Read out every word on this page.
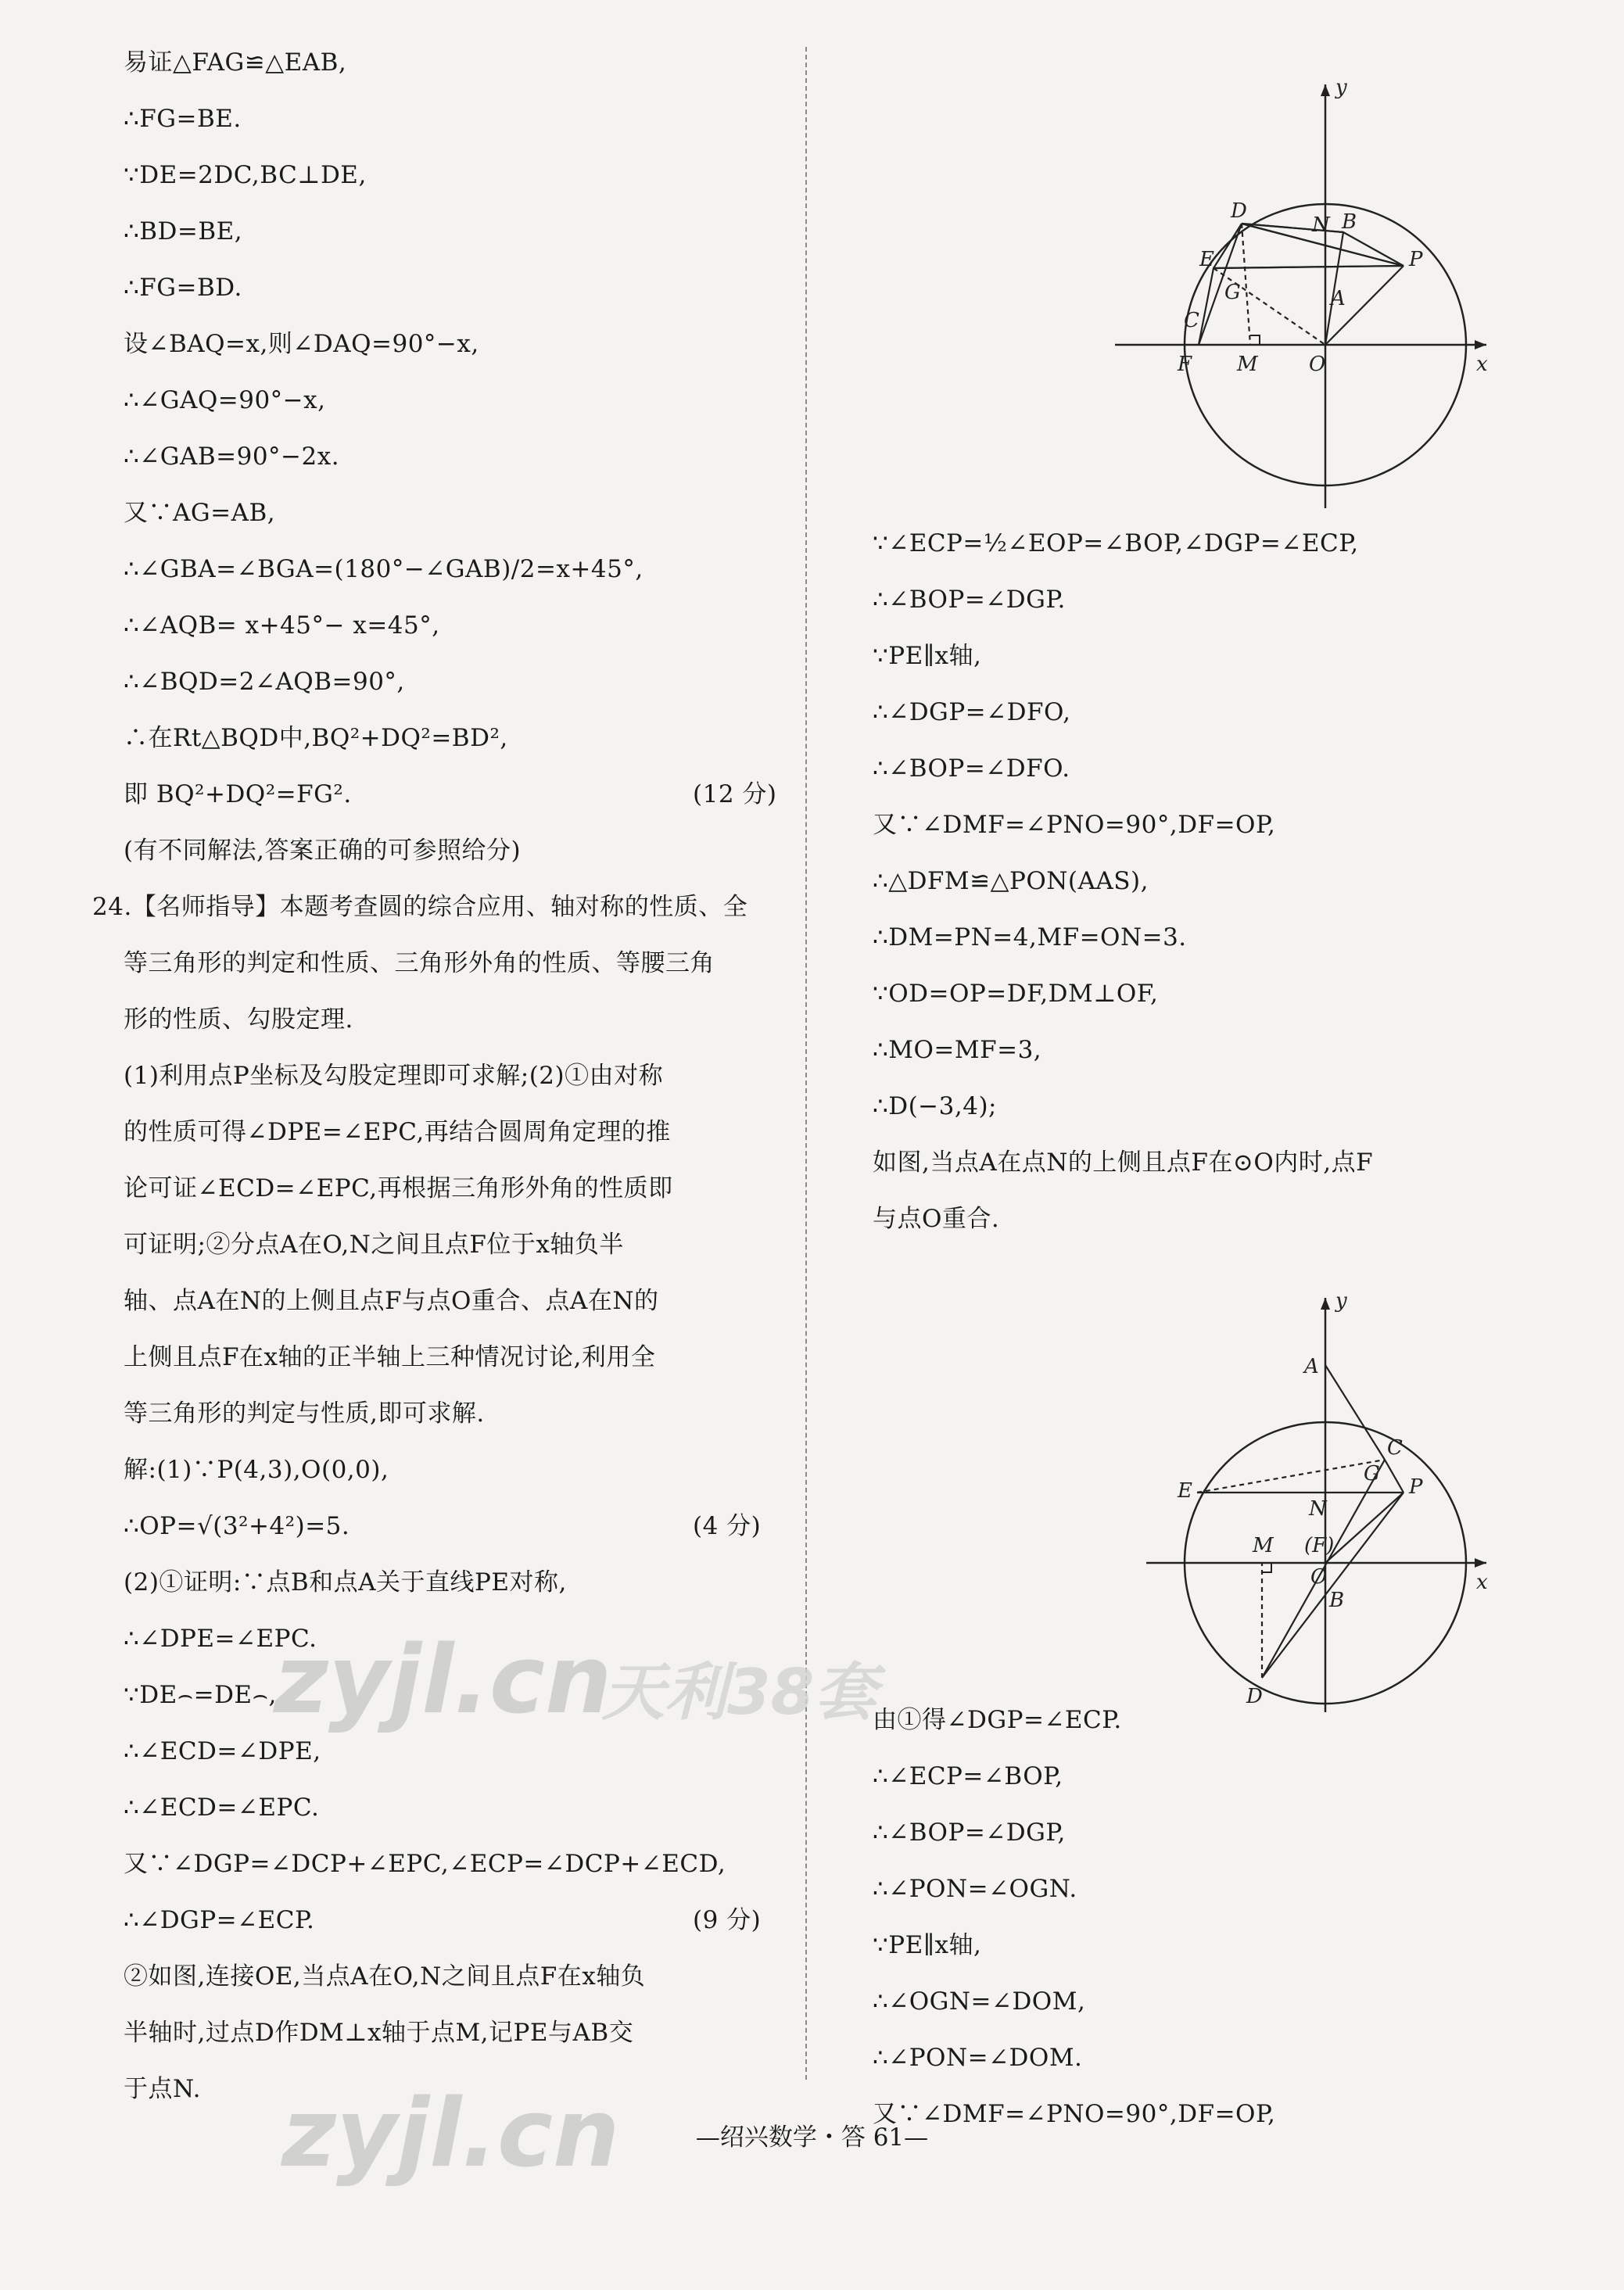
易证△FAG≌△EAB,
∴FG=BE.
∵DE=2DC,BC⊥DE,
∴BD=BE,
∴FG=BD.
设∠BAQ=x,则∠DAQ=90°−x,
∴∠GAQ=90°−x,
∴∠GAB=90°−2x.
又∵AG=AB,
∴∠GBA=∠BGA=(180°−∠GAB)/2=x+45°,
∴∠AQB= x+45°− x=45°,
∴∠BQD=2∠AQB=90°,
∴在Rt△BQD中,BQ²+DQ²=BD²,
即 BQ²+DQ²=FG².	(12 分)
(有不同解法,答案正确的可参照给分)
24.【名师指导】本题考查圆的综合应用、轴对称的性质、全
等三角形的判定和性质、三角形外角的性质、等腰三角
形的性质、勾股定理.
(1)利用点P坐标及勾股定理即可求解;(2)①由对称
的性质可得∠DPE=∠EPC,再结合圆周角定理的推
论可证∠ECD=∠EPC,再根据三角形外角的性质即
可证明;②分点A在O,N之间且点F位于x轴负半
轴、点A在N的上侧且点F与点O重合、点A在N的
上侧且点F在x轴的正半轴上三种情况讨论,利用全
等三角形的判定与性质,即可求解.
解:(1)∵P(4,3),O(0,0),
∴OP=√(3²+4²)=5.	(4 分)
(2)①证明:∵点B和点A关于直线PE对称,
∴∠DPE=∠EPC.
∵DE⌢=DE⌢,
∴∠ECD=∠DPE,
∴∠ECD=∠EPC.
又∵∠DGP=∠DCP+∠EPC,∠ECP=∠DCP+∠ECD,
∴∠DGP=∠ECP.	(9 分)
②如图,连接OE,当点A在O,N之间且点F在x轴负
半轴时,过点D作DM⊥x轴于点M,记PE与AB交
于点N.
y
D
N B
E	P
G	A
C
F M	O	x
y
A
C
E
G
P
N
M (F)
O	x
B
D
∵∠ECP=½∠EOP=∠BOP,∠DGP=∠ECP,
∴∠BOP=∠DGP.
∵PE∥x轴,
∴∠DGP=∠DFO,
∴∠BOP=∠DFO.
又∵∠DMF=∠PNO=90°,DF=OP,
∴△DFM≌△PON(AAS),
∴DM=PN=4,MF=ON=3.
∵OD=OP=DF,DM⊥OF,
∴MO=MF=3,
∴D(−3,4);
如图,当点A在点N的上侧且点F在⊙O内时,点F
与点O重合.
由①得∠DGP=∠ECP.
∴∠ECP=∠BOP,
∴∠BOP=∠DGP,
∴∠PON=∠OGN.
∵PE∥x轴,
∴∠OGN=∠DOM,
∴∠PON=∠DOM.
又∵∠DMF=∠PNO=90°,DF=OP,
—绍兴数学・答 61—
zyjl.cn
天利38套
zyjl.cn
